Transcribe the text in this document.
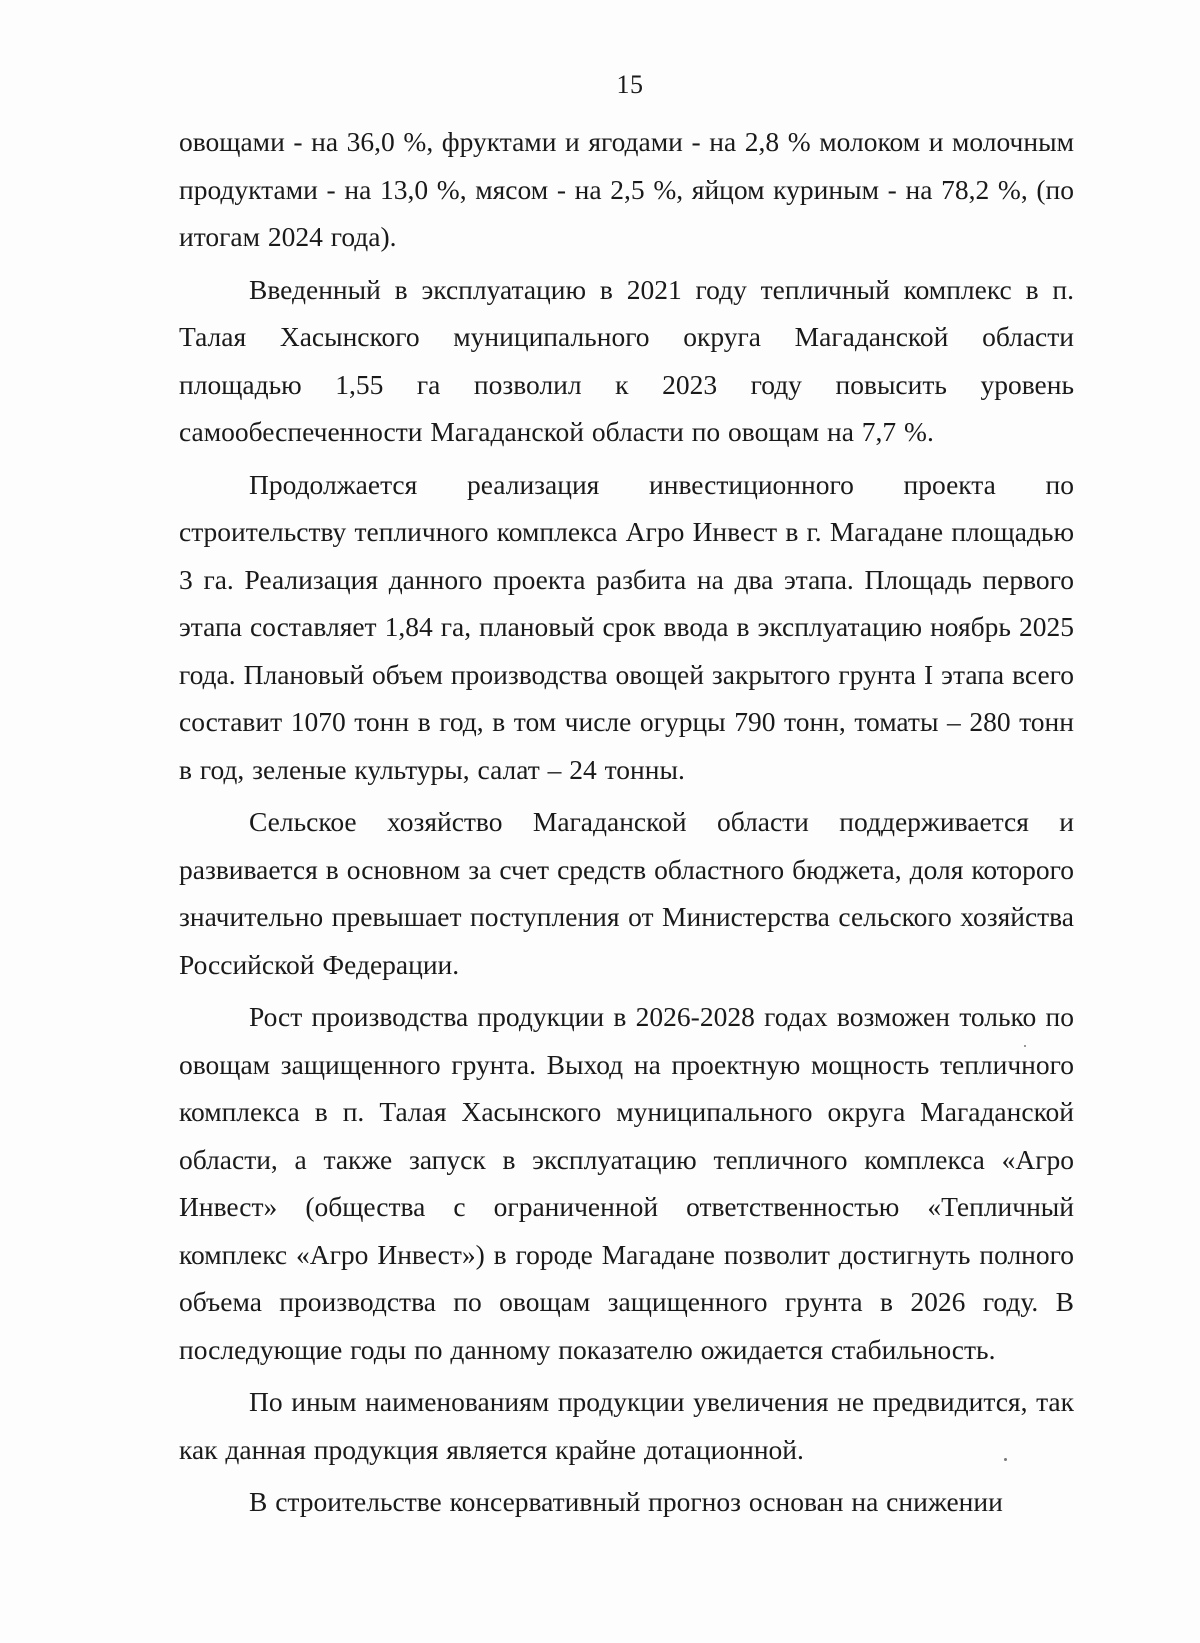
15

овощами - на 36,0 %, фруктами и ягодами - на 2,8 % молоком и молочным продуктами - на 13,0 %, мясом - на 2,5 %, яйцом куриным - на 78,2 %, (по итогам 2024 года).

Введенный в эксплуатацию в 2021 году тепличный комплекс в п. Талая Хасынского муниципального округа Магаданской области площадью 1,55 га позволил к 2023 году повысить уровень самообеспеченности Магаданской области по овощам на 7,7 %.

Продолжается реализация инвестиционного проекта по строительству тепличного комплекса Агро Инвест в г. Магадане площадью 3 га. Реализация данного проекта разбита на два этапа. Площадь первого этапа составляет 1,84 га, плановый срок ввода в эксплуатацию ноябрь 2025 года. Плановый объем производства овощей закрытого грунта I этапа всего составит 1070 тонн в год, в том числе огурцы 790 тонн, томаты – 280 тонн в год, зеленые культуры, салат – 24 тонны.

Сельское хозяйство Магаданской области поддерживается и развивается в основном за счет средств областного бюджета, доля которого значительно превышает поступления от Министерства сельского хозяйства Российской Федерации.

Рост производства продукции в 2026-2028 годах возможен только по овощам защищенного грунта. Выход на проектную мощность тепличного комплекса в п. Талая Хасынского муниципального округа Магаданской области, а также запуск в эксплуатацию тепличного комплекса «Агро Инвест» (общества с ограниченной ответственностью «Тепличный комплекс «Агро Инвест») в городе Магадане позволит достигнуть полного объема производства по овощам защищенного грунта в 2026 году. В последующие годы по данному показателю ожидается стабильность.

По иным наименованиям продукции увеличения не предвидится, так как данная продукция является крайне дотационной.

В строительстве консервативный прогноз основан на снижении
